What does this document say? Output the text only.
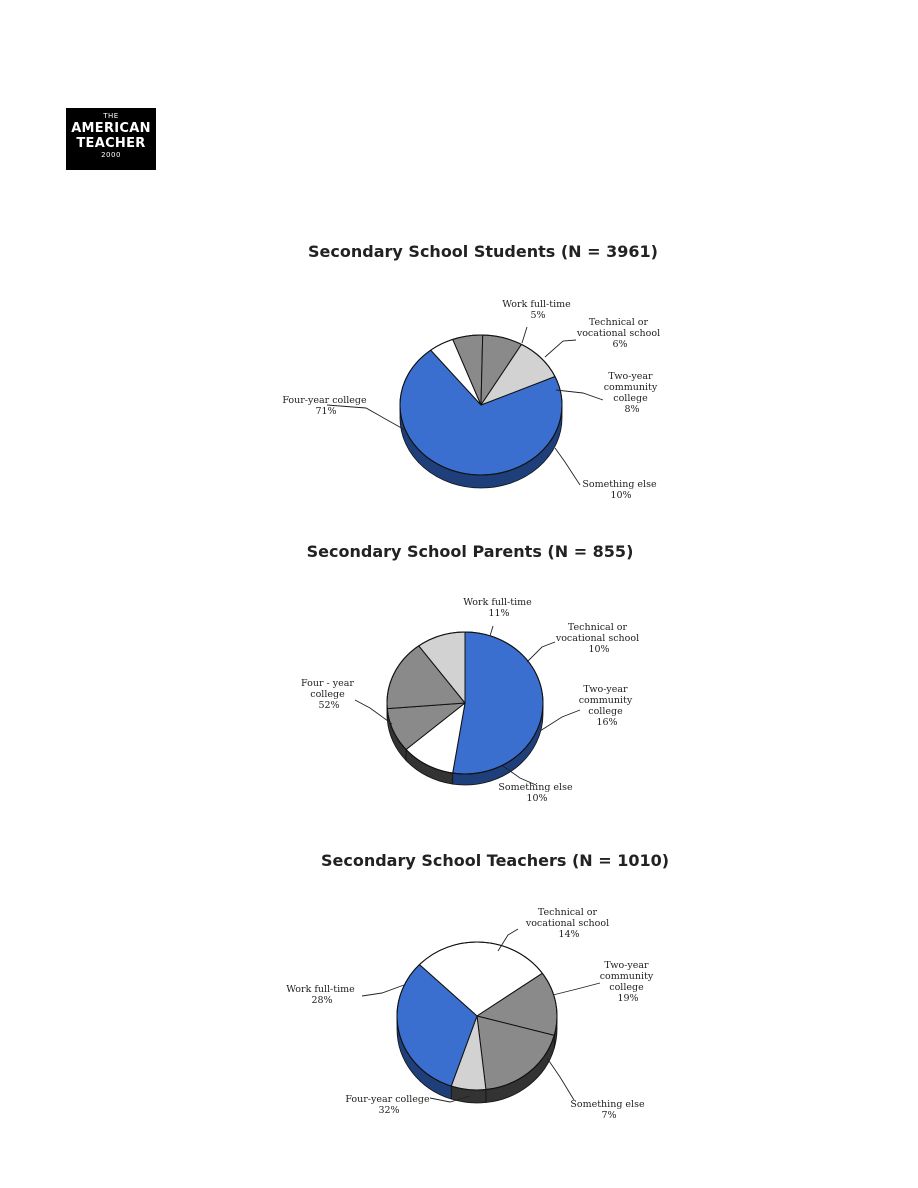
THE
AMERICAN
TEACHER
2000
Secondary School Students (N = 3961)
Four-year college 71%
Work full-time 5%
Technical or vocational school 6%
Two-year community college 8%
Something else 10%
Secondary School Parents (N = 855)
Four - year college 52%
Work full-time 11%
Technical or vocational school 10%
Two-year community college 16%
Something else 10%
Secondary School Teachers (N = 1010)
Work full-time 28%
Technical or vocational school 14%
Two-year community college 19%
Something else 7%
Four-year college 32%
